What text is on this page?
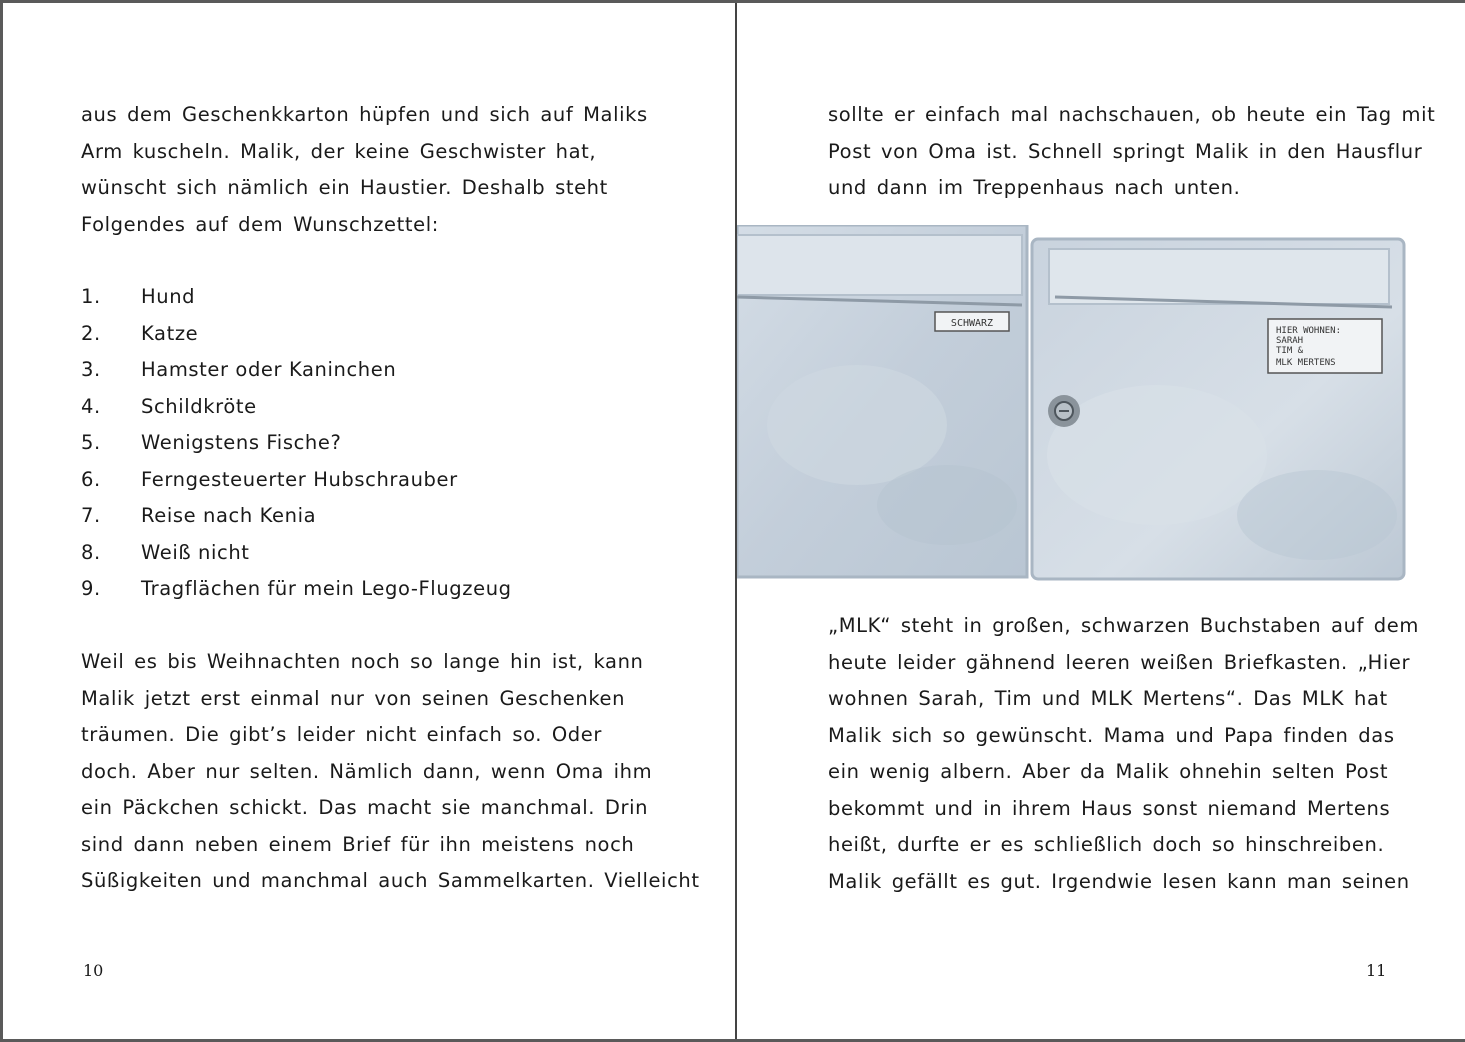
aus dem Geschenkkarton hüpfen und sich auf Maliks
Arm kuscheln. Malik, der keine Geschwister hat,
wünscht sich nämlich ein Haustier. Deshalb steht
Folgendes auf dem Wunschzettel:

1.	Hund
2.	Katze
3.	Hamster oder Kaninchen
4.	Schildkröte
5.	Wenigstens Fische?
6.	Ferngesteuerter Hubschrauber
7.	Reise nach Kenia
8.	Weiß nicht
9.	Tragflächen für mein Lego-Flugzeug

Weil es bis Weihnachten noch so lange hin ist, kann
Malik jetzt erst einmal nur von seinen Geschenken
träumen. Die gibt’s leider nicht einfach so. Oder
doch. Aber nur selten. Nämlich dann, wenn Oma ihm
ein Päckchen schickt. Das macht sie manchmal. Drin
sind dann neben einem Brief für ihn meistens noch
Süßigkeiten und manchmal auch Sammelkarten. Vielleicht

10

sollte er einfach mal nachschauen, ob heute ein Tag mit
Post von Oma ist. Schnell springt Malik in den Hausflur
und dann im Treppenhaus nach unten.

SCHWARZ
HIER WOHNEN:
SARAH
TIM &
MLK MERTENS

„MLK“ steht in großen, schwarzen Buchstaben auf dem
heute leider gähnend leeren weißen Briefkasten. „Hier
wohnen Sarah, Tim und MLK Mertens“. Das MLK hat
Malik sich so gewünscht. Mama und Papa finden das
ein wenig albern. Aber da Malik ohnehin selten Post
bekommt und in ihrem Haus sonst niemand Mertens
heißt, durfte er es schließlich doch so hinschreiben.
Malik gefällt es gut. Irgendwie lesen kann man seinen

11
